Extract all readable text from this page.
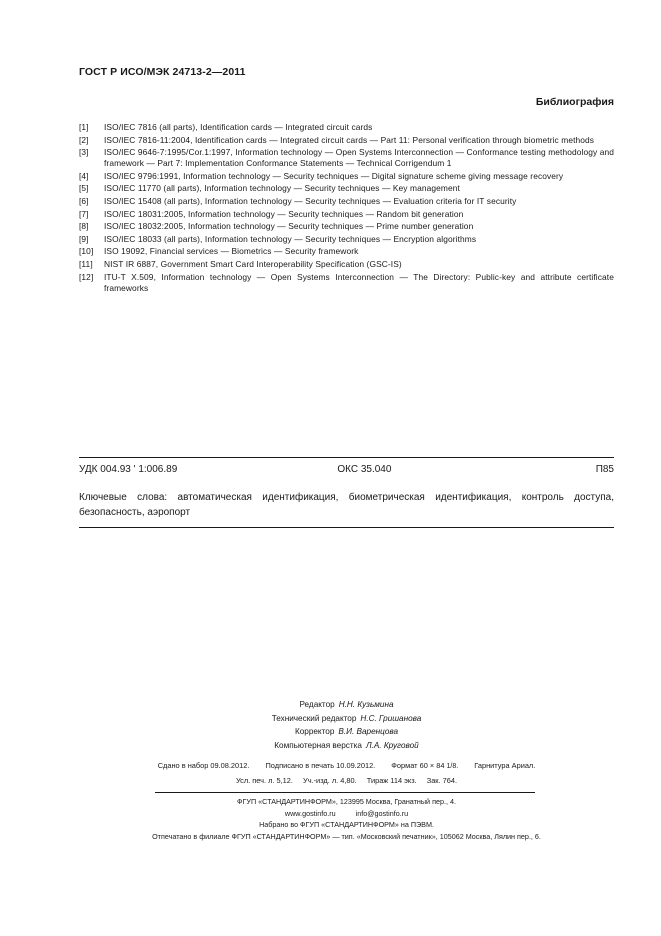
ГОСТ Р ИСО/МЭК 24713-2—2011
Библиография
[1]	ISO/IEC 7816 (all parts), Identification cards — Integrated circuit cards
[2]	ISO/IEC 7816-11:2004, Identification cards — Integrated circuit cards — Part 11: Personal verification through biometric methods
[3]	ISO/IEC 9646-7:1995/Cor.1:1997, Information technology — Open Systems Interconnection — Conformance testing methodology and framework — Part 7: Implementation Conformance Statements — Technical Corrigendum 1
[4]	ISO/IEC 9796:1991, Information technology — Security techniques — Digital signature scheme giving message recovery
[5]	ISO/IEC 11770 (all parts), Information technology — Security techniques — Key management
[6]	ISO/IEC 15408 (all parts), Information technology — Security techniques — Evaluation criteria for IT security
[7]	ISO/IEC 18031:2005, Information technology — Security techniques — Random bit generation
[8]	ISO/IEC 18032:2005, Information technology — Security techniques — Prime number generation
[9]	ISO/IEC 18033 (all parts), Information technology — Security techniques — Encryption algorithms
[10]	ISO 19092, Financial services — Biometrics — Security framework
[11]	NIST IR 6887, Government Smart Card Interoperability Specification (GSC-IS)
[12]	ITU-T X.509, Information technology — Open Systems Interconnection — The Directory: Public-key and attribute certificate frameworks
УДК 004.93 ' 1:006.89	ОКС 35.040	П85
Ключевые слова: автоматическая идентификация, биометрическая идентификация, контроль доступа, безопасность, аэропорт
Редактор Н.Н. Кузьмина
Технический редактор Н.С. Гришанова
Корректор В.И. Варенцова
Компьютерная верстка Л.А. Круговой
Сдано в набор 09.08.2012. Подписано в печать 10.09.2012. Формат 60 × 84 1/8. Гарнитура Ариал.
Усл. печ. л. 5,12. Уч.-изд. л. 4,80. Тираж 114 экз. Зак. 764.
ФГУП «СТАНДАРТИНФОРМ», 123995 Москва, Гранатный пер., 4.
www.gostinfo.ru	info@gostinfo.ru
Набрано во ФГУП «СТАНДАРТИНФОРМ» на ПЭВМ.
Отпечатано в филиале ФГУП «СТАНДАРТИНФОРМ» — тип. «Московский печатник», 105062 Москва, Лялин пер., 6.
